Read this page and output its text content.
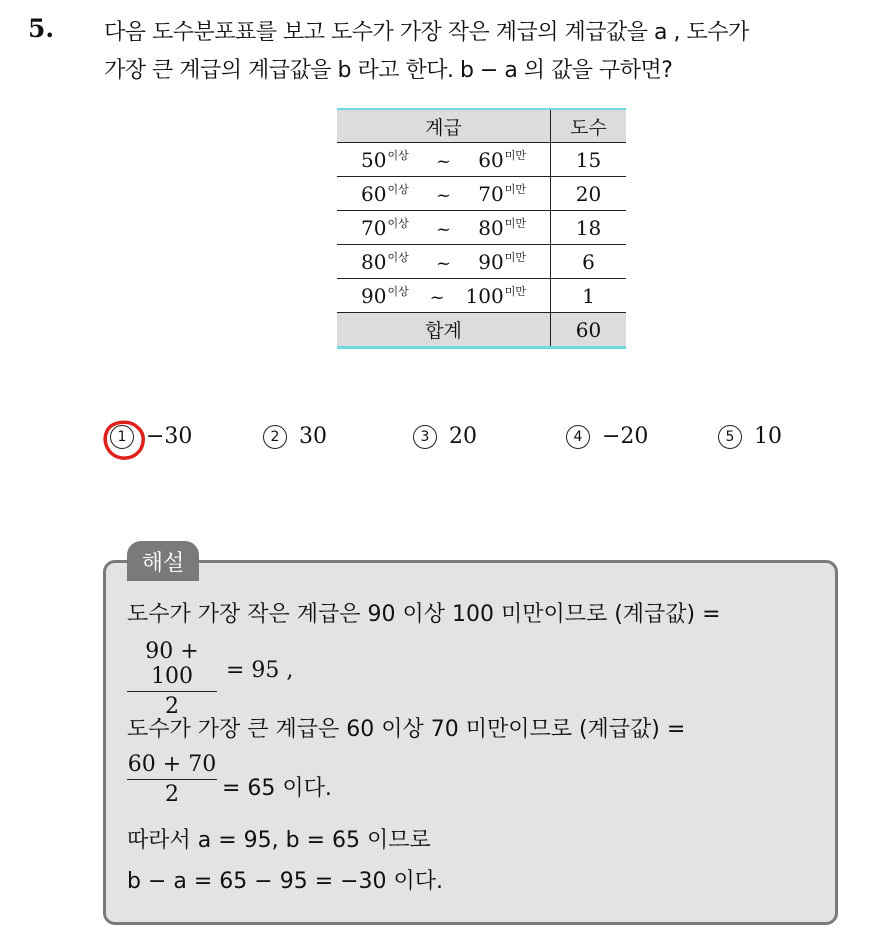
5. 다음 도수분포표를 보고 도수가 가장 작은 계급의 계급값을 a , 도수가
가장 큰 계급의 계급값을 b 라고 한다. b − a 의 값을 구하면?
계급	도수

$50^{이상}$ ~ $60^{미만}$	15

$60^{이상}$ ~ $70^{미만}$	20

$70^{이상}$ ~ $80^{미만}$	18

$80^{이상}$ ~ $90^{미만}$	6

$90^{이상}$ ~ $100^{미만}$	1
합계	60
1 −30	2 30	3 20	4 −20	5 10
해설
도수가 가장 작은 계급은 90 이상 100 미만이므로 (계급값) =
$\frac{90 + 100}{2} = 95$ ,
도수가 가장 큰 계급은 60 이상 70 미만이므로 (계급값) =
$\frac{60 + 70}{2} = 65$ 이다.
따라서 a = 95, b = 65 이므로
b − a = 65 − 95 = −30 이다.
